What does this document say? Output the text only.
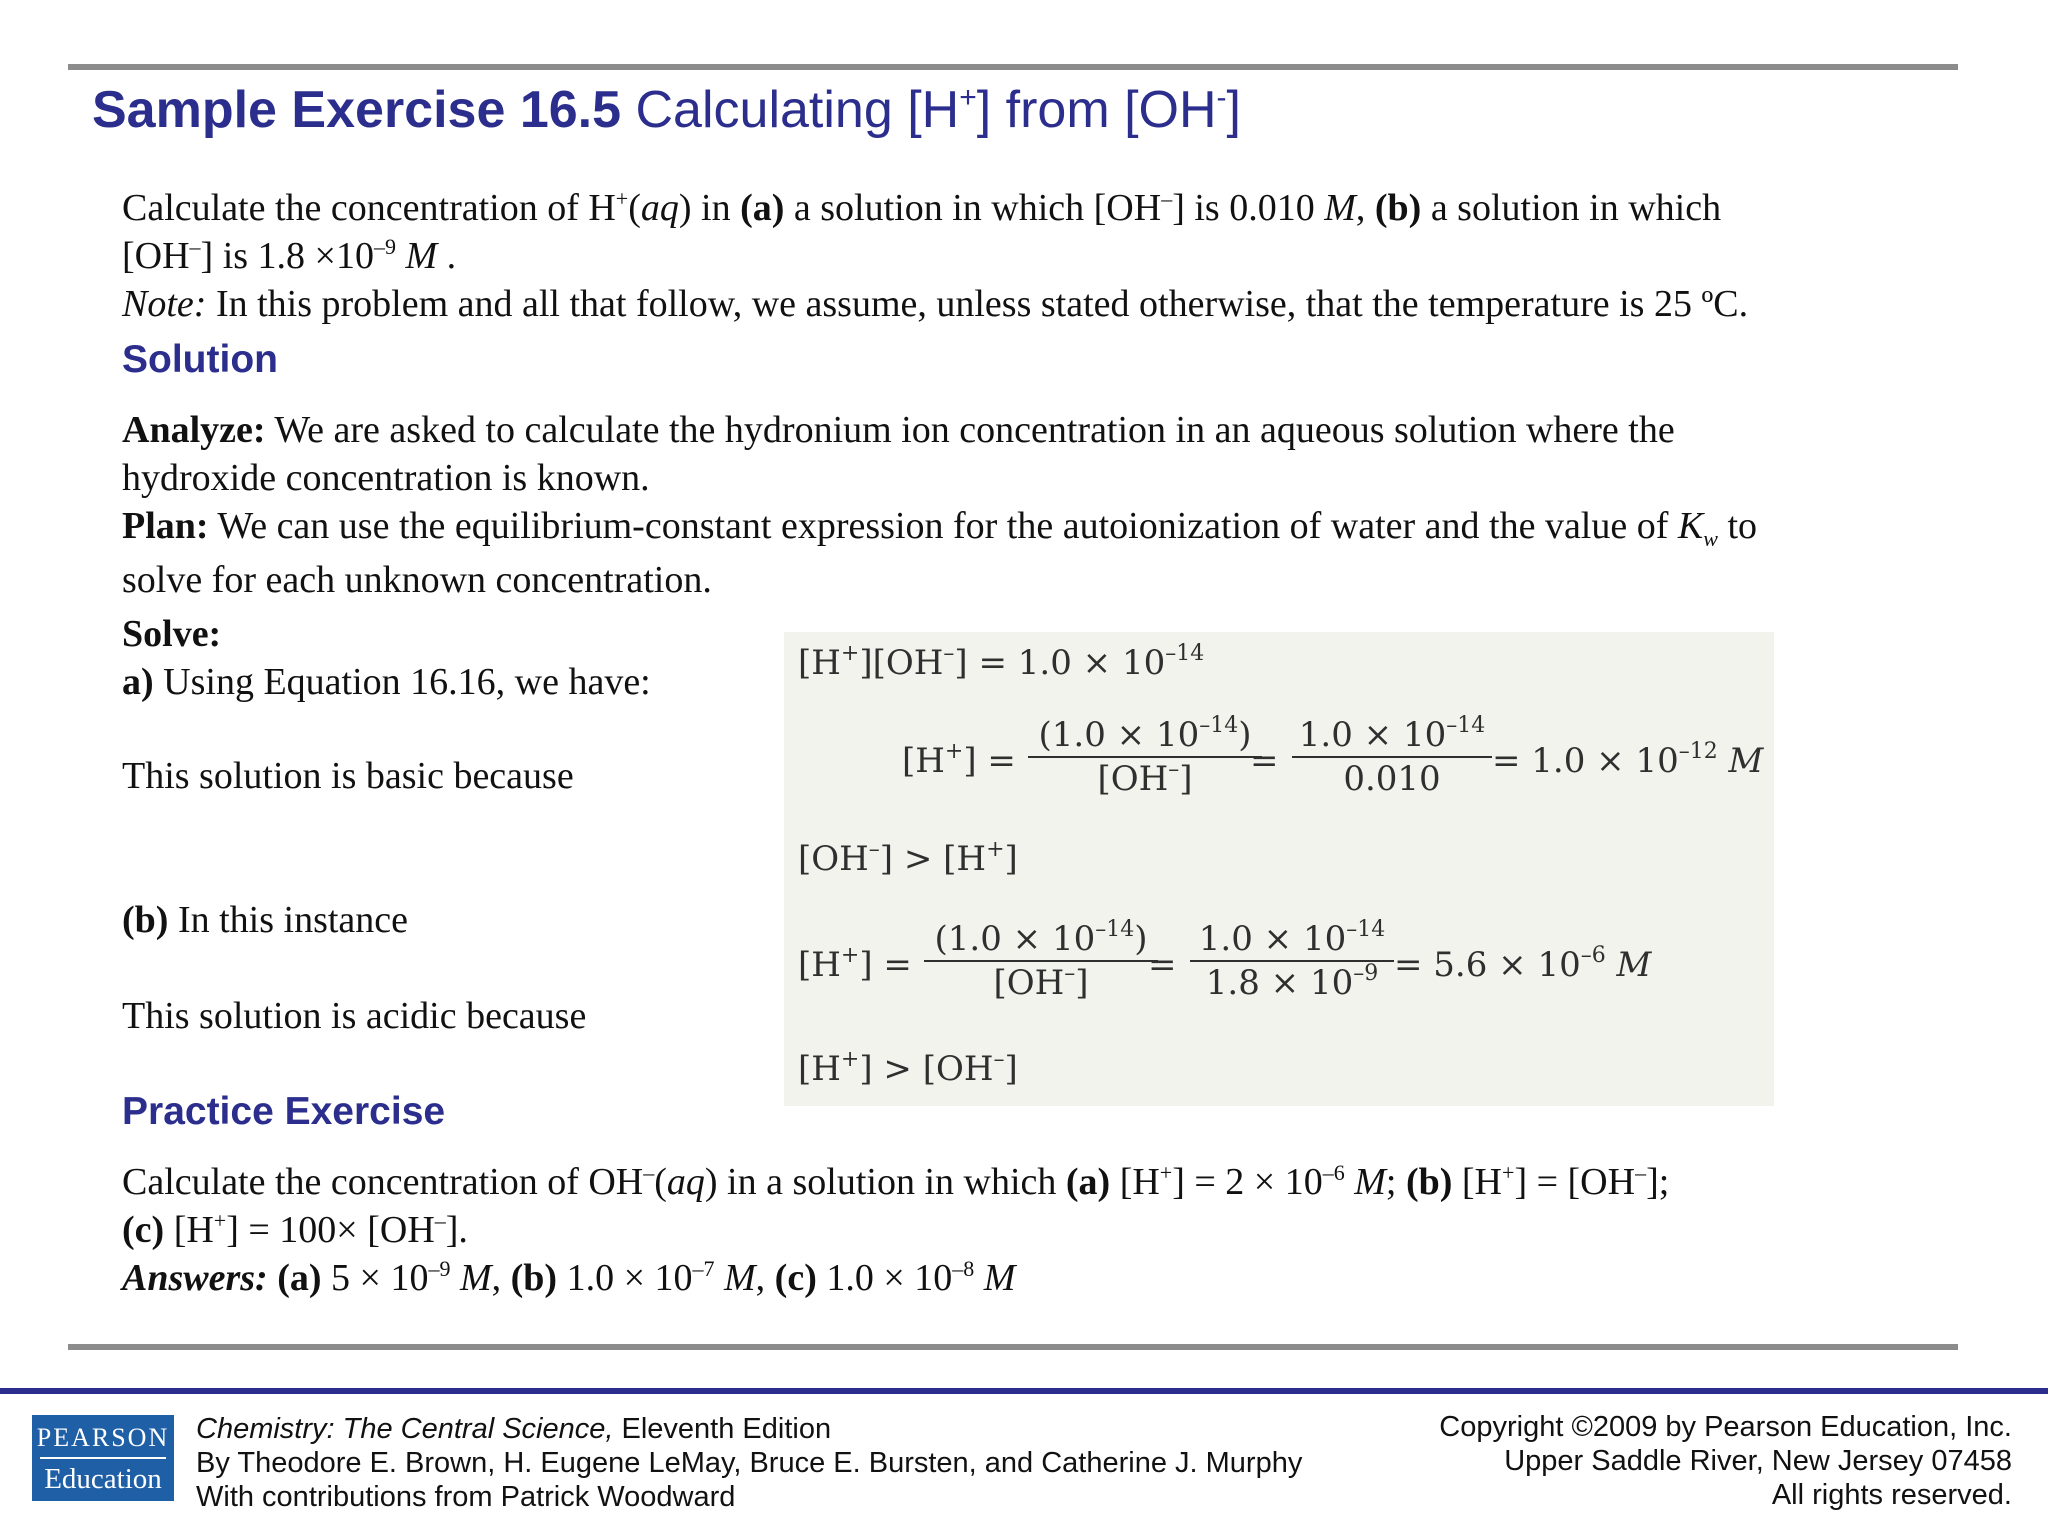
Sample Exercise 16.5 Calculating [H+] from [OH-]
Calculate the concentration of H+(aq) in (a) a solution in which [OH–] is 0.010 M, (b) a solution in which
[OH–] is $1.8 \times 10^{-9}$ M .
Note: In this problem and all that follow, we assume, unless stated otherwise, that the temperature is 25 ºC.
Solution
Analyze: We are asked to calculate the hydronium ion concentration in an aqueous solution where the
hydroxide concentration is known.
Plan: We can use the equilibrium-constant expression for the autoionization of water and the value of $K_w$ to
solve for each unknown concentration.
Solve:
a) Using Equation 16.16, we have:
This solution is basic because
(b) In this instance
This solution is acidic because
$[H^+][OH^-] = 1.0 \times 10^{-14}$
$[H^+] = \frac{(1.0 \times 10^{-14})}{[OH^-]}$
= $\frac{1.0 \times 10^{-14}}{0.010} = 1.0 \times 10^{-12}$ M
[OH–] > [H+]
$[H^+] = \frac{(1.0 \times 10^{-14})}{[OH^-]}$
= $\frac{1.0 \times 10^{-14}}{1.8 \times 10^{-9}} = 5.6 \times 10^{-6}$ M
[H+] > [OH–]
Practice Exercise
Calculate the concentration of OH–(aq) in a solution in which (a) $[H^+] = 2 \times 10^{-6}$ M; (b) [H+] = [OH–];
(c) [H+] = 100× [OH–].
Answers: (a) $5 \times 10^{-9}$ M, (b) $1.0 \times 10^{-7}$ M, (c) $1.0 \times 10^{-8}$ M
PEARSON
Education
Chemistry: The Central Science, Eleventh Edition
By Theodore E. Brown, H. Eugene LeMay, Bruce E. Bursten, and Catherine J. Murphy
With contributions from Patrick Woodward
Copyright ©2009 by Pearson Education, Inc.
Upper Saddle River, New Jersey 07458
All rights reserved.
